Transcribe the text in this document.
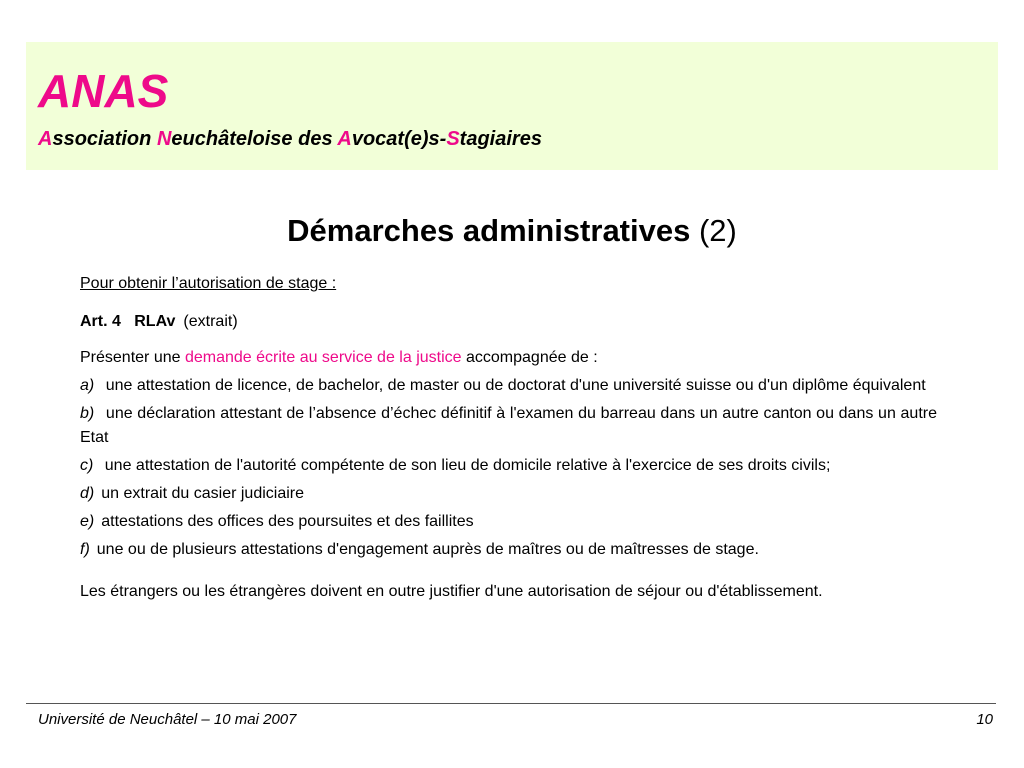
ANAS
Association Neuchâteloise des Avocat(e)s-Stagiaires
Démarches administratives (2)

Pour obtenir l’autorisation de stage :

Art. 4   RLAv (extrait)

Présenter une demande écrite au service de la justice accompagnée de :

a) une attestation de licence, de bachelor, de master ou de doctorat d'une université suisse ou d'un diplôme équivalent
b) une déclaration attestant de l’absence d’échec définitif à l'examen du barreau dans un autre canton ou dans un autre Etat
c) une attestation de l'autorité compétente de son lieu de domicile relative à l'exercice de ses droits civils;
d) un extrait du casier judiciaire
e) attestations des offices des poursuites et des faillites
f) une ou de plusieurs attestations d'engagement auprès de maîtres ou de maîtresses de stage.

Les étrangers ou les étrangères doivent en outre justifier d'une autorisation de séjour ou d'établissement.

Université de Neuchâtel – 10 mai 2007	10
